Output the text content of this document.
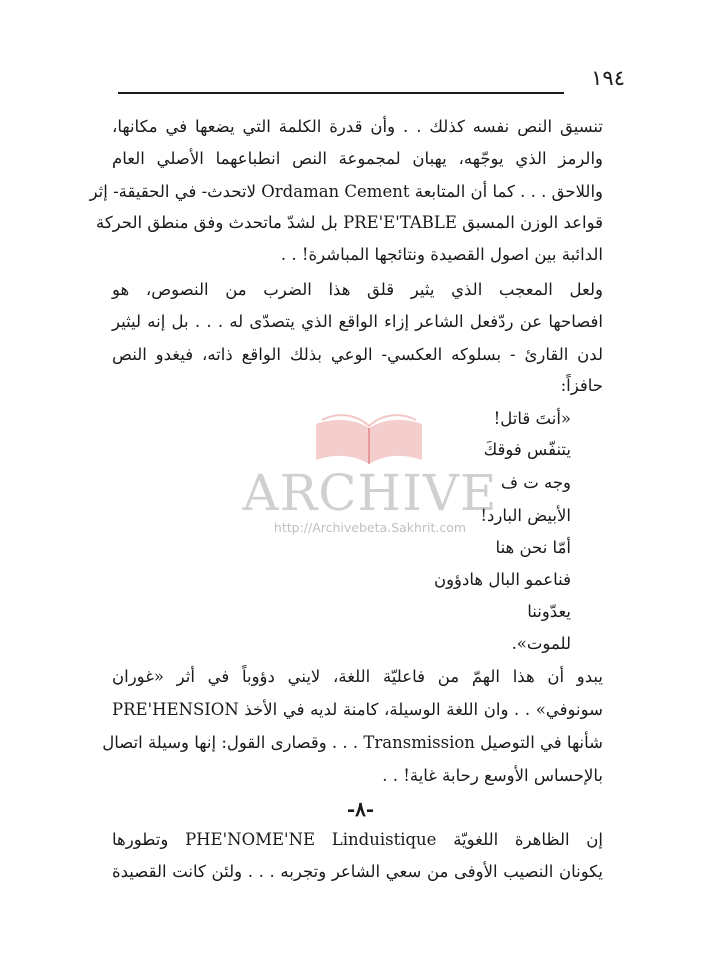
١٩٤
تنسيق النص نفسه كذلك . . وأن قدرة الكلمة التي يضعها في مكانها،
والرمز الذي يوجّهه، يهبان لمجموعة النص انطباعهما الأصلي العام
واللاحق . . . كما أن المتابعة Ordaman Cement لاتحدث- في الحقيقة- إثر
قواعد الوزن المسبق PRE'E'TABLE بل لشدّ ماتحدث وفق منطق الحركة
الدائبة بين اصول القصيدة ونتائجها المباشرة! . .
ولعل المعجب الذي يثير قلق هذا الضرب من النصوص، هو
افصاحها عن ردّفعل الشاعر إزاء الواقع الذي يتصدّى له . . . بل إنه ليثير
لدن القارئ - بسلوكه العكسي- الوعي بذلك الواقع ذاته، فيغدو النص
حافزاً:
«أنتَ قاتل!
يتنفّس فوقكَ
وجه ت ف
الأبيض البارد!
أمّا نحن هنا
فناعمو البال هادؤون
يعدّوننا
للموت».
يبدو أن هذا الهمّ من فاعليّة اللغة، لايني دؤوباً في أثر «غوران
سونوفي» . . وان اللغة الوسيلة، كامنة لديه في الأخذ PRE'HENSION
شأنها في التوصيل Transmission . . . وقصارى القول: إنها وسيلة اتصال
بالإحساس الأوسع رحابة غاية! . .
-٨-
إن الظاهرة اللغويّة PHE'NOME'NE Linduistique وتطورها
يكونان النصيب الأوفى من سعي الشاعر وتجربه . . . ولئن كانت القصيدة
ARCHIVE
http://Archivebeta.Sakhrit.com
